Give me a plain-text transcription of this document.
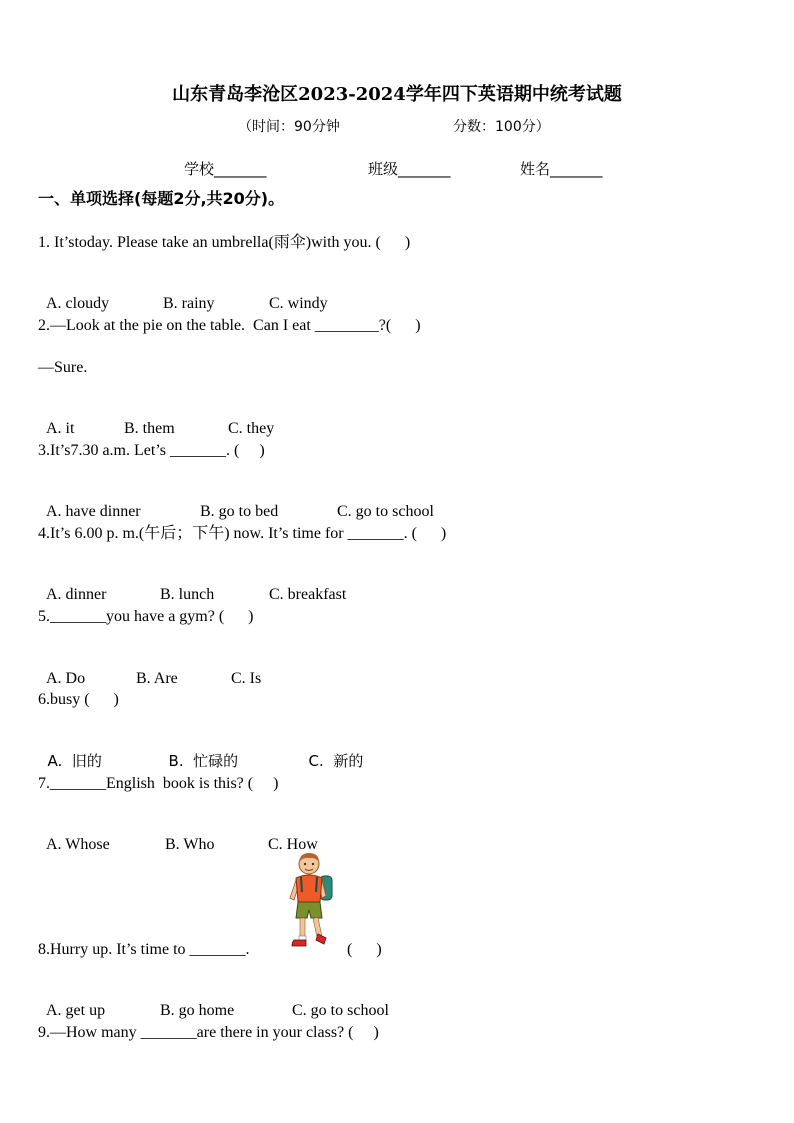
山东青岛李沧区2023-2024学年四下英语期中统考试题
（时间：90分钟	分数：100分）
学校_______	班级_______	姓名_______
一、单项选择(每题2分,共20分)。
1. It’stoday. Please take an umbrella(雨伞)with you. (      )

A. cloudy	B. rainy	C. windy

2.—Look at the pie on the table.  Can I eat ________?(      )
—Sure.

A. it	B. them	C. they

3.It’s7.30 a.m. Let’s _______. (     )

A. have dinner	B. go to bed	C. go to school

4.It’s 6.00 p. m.(午后；下午) now. It’s time for _______. (      )

A. dinner	B. lunch	C. breakfast

5._______you have a gym? (      )

A. Do	B. Are	C. Is

6.busy (      )

A.  旧的	B.  忙碌的	C.  新的

7._______English  book is this? (     )

A. Whose	B. Who	C. How

8.Hurry up. It’s time to _______.	(      )

A. get up	B. go home	C. go to school

9.—How many _______are there in your class? (     )
